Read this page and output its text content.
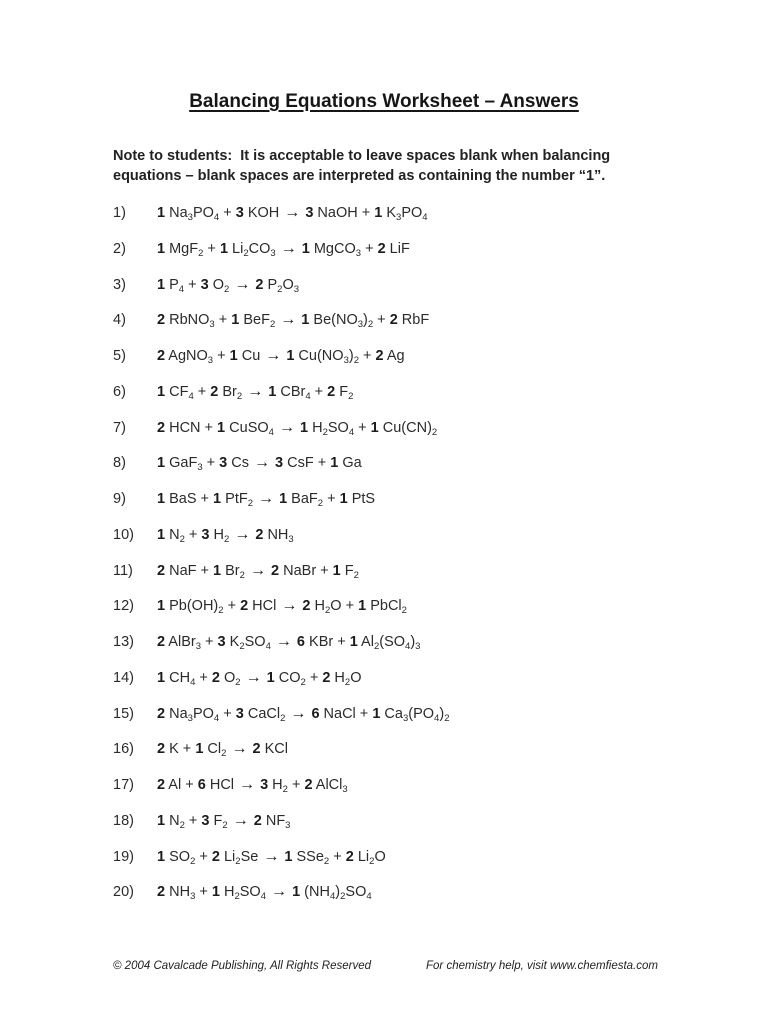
Balancing Equations Worksheet – Answers

Note to students:  It is acceptable to leave spaces blank when balancing
equations – blank spaces are interpreted as containing the number “1”.

1)	1 $Na_3PO_4 + 3$ KOH → 3 NaOH + 1 $K_3PO_4$
2)	1 MgF$_2$ + 1 $Li_2CO_3 \to 1$ MgCO$_3$ + 2 LiF
3)	1 $P_4 + 3$ $O_2 \to 2$ $P_2O_3$
4)	2 RbNO$_3$ + 1 BeF$_2$ → 1 $Be(NO_3)_2 + 2$ RbF
5)	2 AgNO$_3$ + 1 Cu → 1 $Cu(NO_3)_2 + 2$ Ag
6)	1 $CF_4 + 2$ $Br_2 \to 1$ CBr$_4$ + 2 $F_2$
7)	2 HCN + 1 CuSO$_4$ → 1 $H_2SO_4 + 1$ $Cu(CN)_2$
8)	1 GaF$_3$ + 3 Cs → 3 CsF + 1 Ga
9)	1 BaS + 1 PtF$_2$ → 1 BaF$_2$ + 1 PtS
10)	1 $N_2 + 3$ $H_2 \to 2$ $NH_3$
11)	2 NaF + 1 $Br_2 \to 2$ NaBr + 1 $F_2$
12)	1 $Pb(OH)_2 + 2$ HCl → 2 $H_2O + 1$ PbCl$_2$
13)	2 AlBr$_3$ + 3 $K_2SO_4 \to 6$ KBr + 1 $Al_2(SO_4)_3$
14)	1 $CH_4 + 2$ $O_2 \to 1$ $CO_2 + 2$ $H_2O$
15)	2 $Na_3PO_4 + 3$ CaCl$_2$ → 6 NaCl + 1 $Ca_3(PO_4)_2$
16)	2 K + 1 $Cl_2 \to 2$ KCl
17)	2 Al + 6 HCl → 3 $H_2 + 2$ AlCl$_3$
18)	1 $N_2 + 3$ $F_2 \to 2$ $NF_3$
19)	1 $SO_2 + 2$ $Li_2Se \to 1$ SSe$_2$ + 2 $Li_2O$
20)	2 $NH_3 + 1$ $H_2SO_4 \to 1$ $(NH_4)_2SO_4$
© 2004 Cavalcade Publishing, All Rights Reserved	For chemistry help, visit www.chemfiesta.com
